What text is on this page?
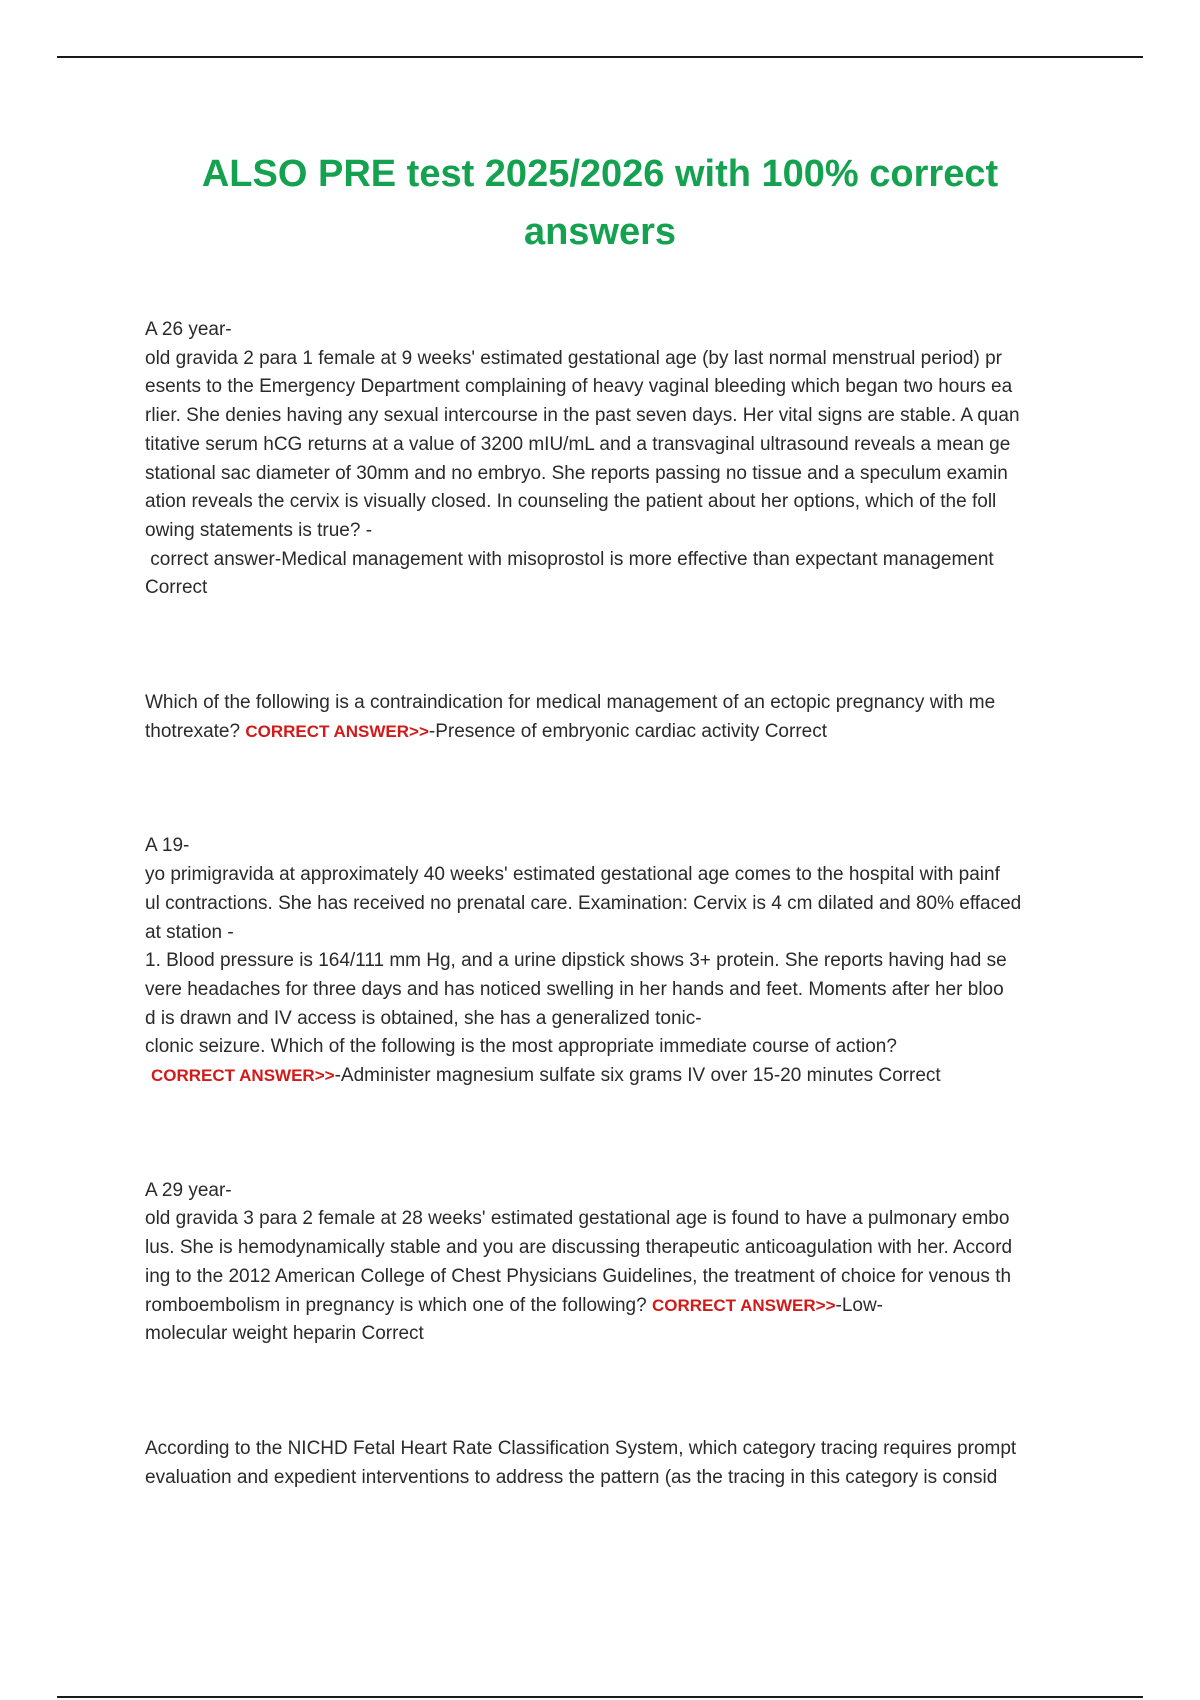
ALSO PRE test 2025/2026 with 100% correct
answers
A 26 year-
old gravida 2 para 1 female at 9 weeks' estimated gestational age (by last normal menstrual period) pr
esents to the Emergency Department complaining of heavy vaginal bleeding which began two hours ea
rlier. She denies having any sexual intercourse in the past seven days. Her vital signs are stable. A quan
titative serum hCG returns at a value of 3200 mIU/mL and a transvaginal ultrasound reveals a mean ge
stational sac diameter of 30mm and no embryo. She reports passing no tissue and a speculum examin
ation reveals the cervix is visually closed. In counseling the patient about her options, which of the foll
owing statements is true? -
correct answer-Medical management with misoprostol is more effective than expectant management
Correct
Which of the following is a contraindication for medical management of an ectopic pregnancy with me
thotrexate? CORRECT ANSWER>>-Presence of embryonic cardiac activity Correct
A 19-
yo primigravida at approximately 40 weeks' estimated gestational age comes to the hospital with painf
ul contractions. She has received no prenatal care. Examination: Cervix is 4 cm dilated and 80% effaced
at station -
1. Blood pressure is 164/111 mm Hg, and a urine dipstick shows 3+ protein. She reports having had se
vere headaches for three days and has noticed swelling in her hands and feet. Moments after her bloo
d is drawn and IV access is obtained, she has a generalized tonic-
clonic seizure. Which of the following is the most appropriate immediate course of action?
CORRECT ANSWER>>-Administer magnesium sulfate six grams IV over 15-20 minutes Correct
A 29 year-
old gravida 3 para 2 female at 28 weeks' estimated gestational age is found to have a pulmonary embo
lus. She is hemodynamically stable and you are discussing therapeutic anticoagulation with her. Accord
ing to the 2012 American College of Chest Physicians Guidelines, the treatment of choice for venous th
romboembolism in pregnancy is which one of the following? CORRECT ANSWER>>-Low-
molecular weight heparin Correct
According to the NICHD Fetal Heart Rate Classification System, which category tracing requires prompt
evaluation and expedient interventions to address the pattern (as the tracing in this category is consid
